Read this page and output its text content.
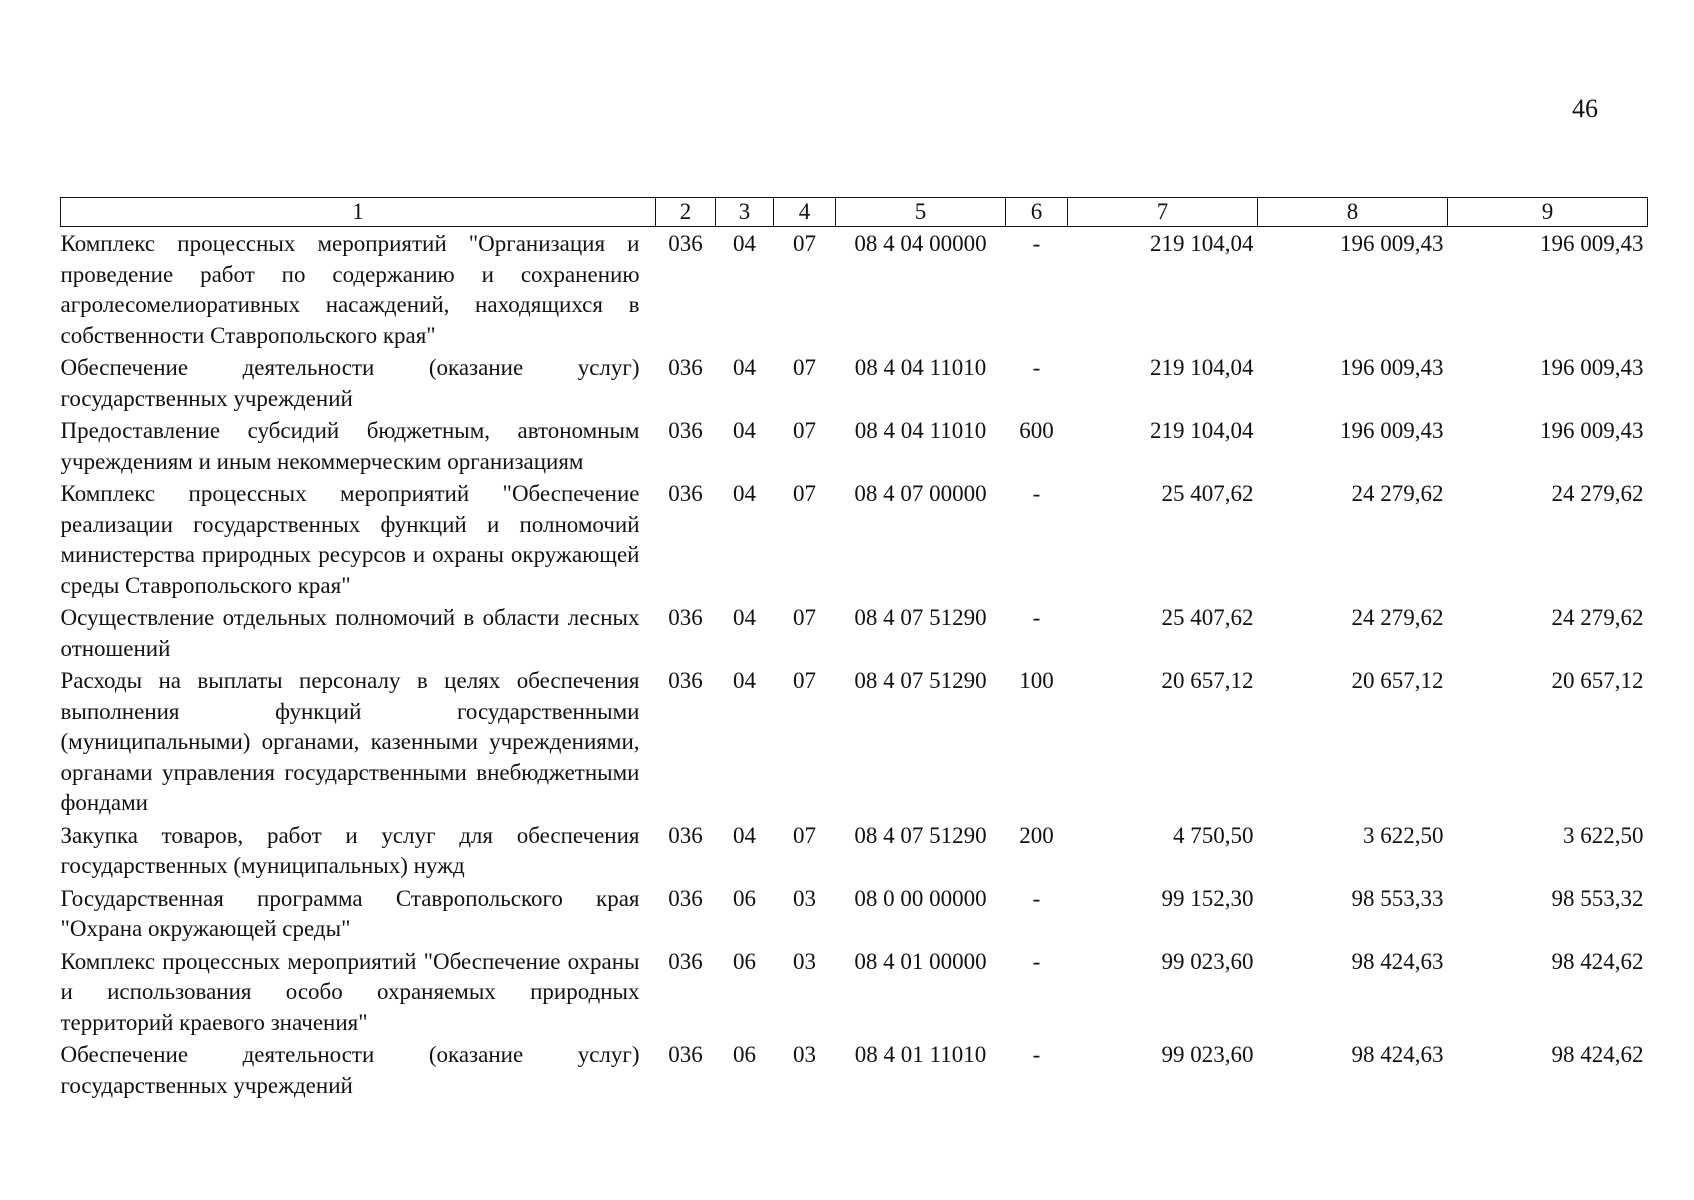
46
1	2	3	4	5	6	7	8	9
Комплекс процессных мероприятий "Организация и проведение работ по содержанию и сохранению агролесомелиоративных насаждений, находящихся в собственности Ставропольского края"	036	04	07	08 4 04 00000	-	219 104,04	196 009,43	196 009,43
Обеспечение деятельности (оказание услуг) государственных учреждений	036	04	07	08 4 04 11010	-	219 104,04	196 009,43	196 009,43
Предоставление субсидий бюджетным, автономным учреждениям и иным некоммерческим организациям	036	04	07	08 4 04 11010	600	219 104,04	196 009,43	196 009,43
Комплекс процессных мероприятий "Обеспечение реализации государственных функций и полномочий министерства природных ресурсов и охраны окружающей среды Ставропольского края"	036	04	07	08 4 07 00000	-	25 407,62	24 279,62	24 279,62
Осуществление отдельных полномочий в области лесных отношений	036	04	07	08 4 07 51290	-	25 407,62	24 279,62	24 279,62
Расходы на выплаты персоналу в целях обеспечения выполнения функций государственными (муниципальными) органами, казенными учреждениями, органами управления государственными внебюджетными фондами	036	04	07	08 4 07 51290	100	20 657,12	20 657,12	20 657,12
Закупка товаров, работ и услуг для обеспечения государственных (муниципальных) нужд	036	04	07	08 4 07 51290	200	4 750,50	3 622,50	3 622,50
Государственная программа Ставропольского края "Охрана окружающей среды"	036	06	03	08 0 00 00000	-	99 152,30	98 553,33	98 553,32
Комплекс процессных мероприятий "Обеспечение охраны и использования особо охраняемых природных территорий краевого значения"	036	06	03	08 4 01 00000	-	99 023,60	98 424,63	98 424,62
Обеспечение деятельности (оказание услуг) государственных учреждений	036	06	03	08 4 01 11010	-	99 023,60	98 424,63	98 424,62
